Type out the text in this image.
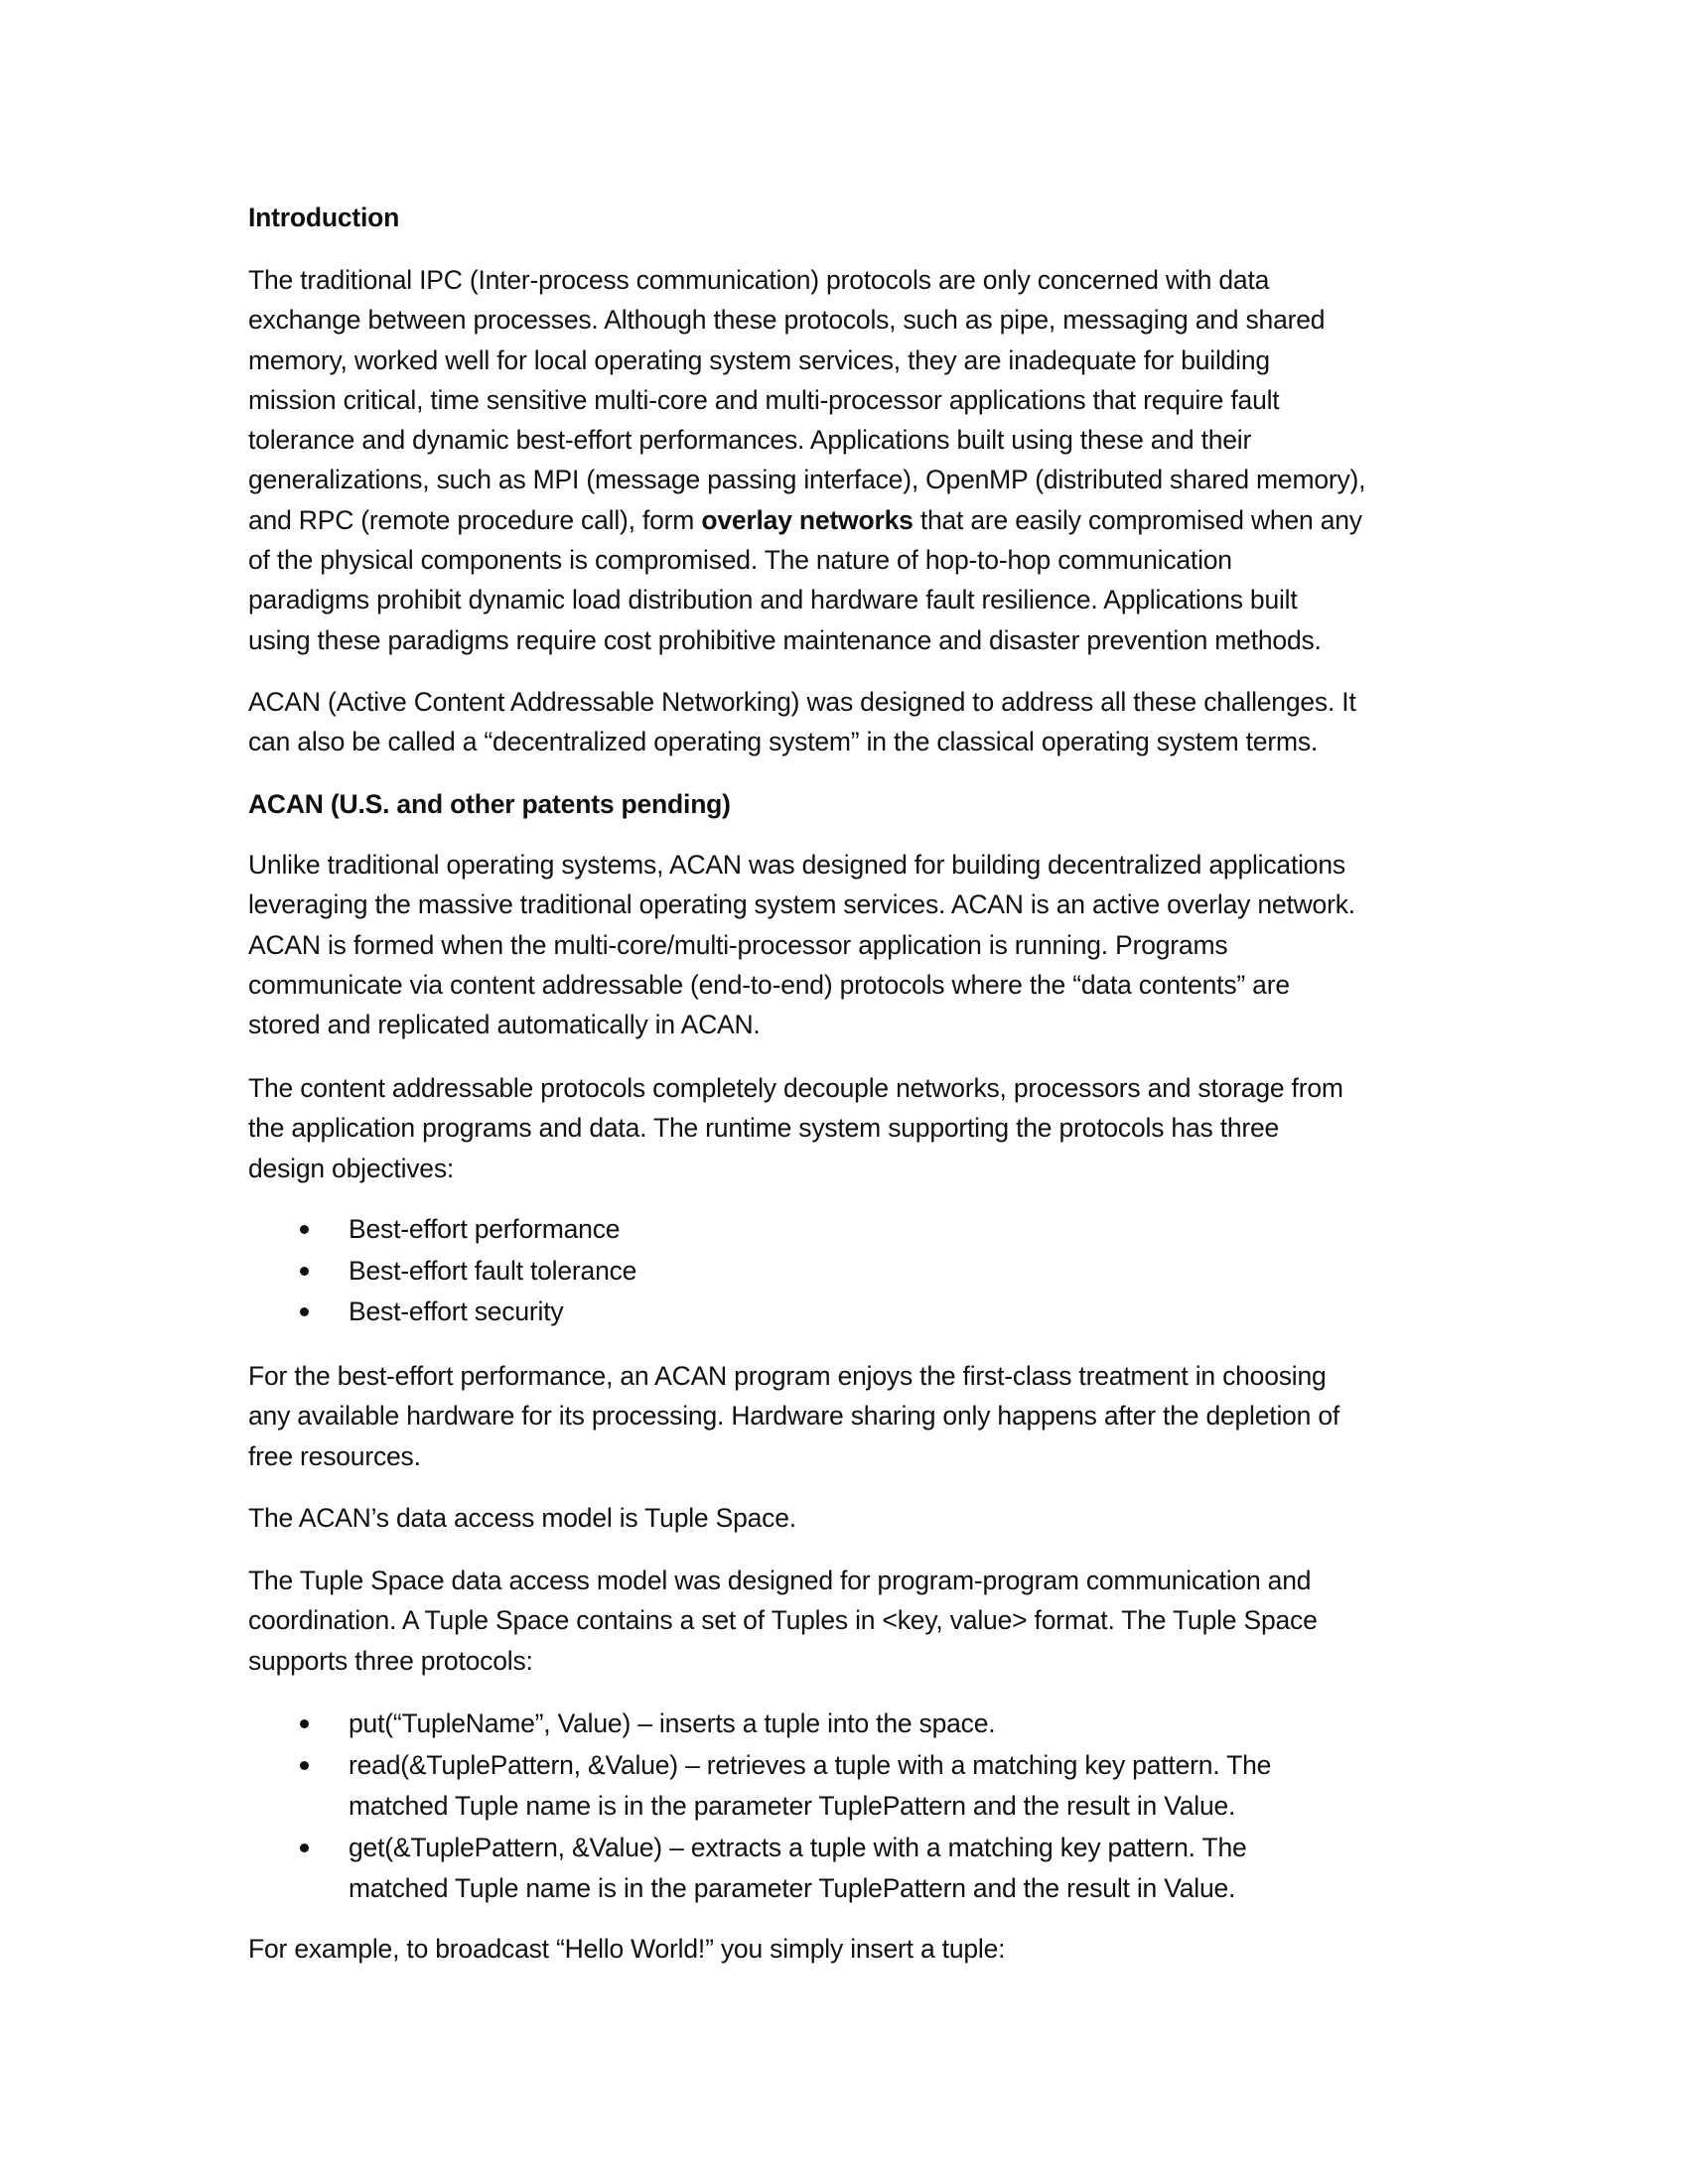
Introduction
The traditional IPC (Inter-process communication) protocols are only concerned with data
exchange between processes. Although these protocols, such as pipe, messaging and shared
memory, worked well for local operating system services, they are inadequate for building
mission critical, time sensitive multi-core and multi-processor applications that require fault
tolerance and dynamic best-effort performances. Applications built using these and their
generalizations, such as MPI (message passing interface), OpenMP (distributed shared memory),
and RPC (remote procedure call), form overlay networks that are easily compromised when any
of the physical components is compromised. The nature of hop-to-hop communication
paradigms prohibit dynamic load distribution and hardware fault resilience. Applications built
using these paradigms require cost prohibitive maintenance and disaster prevention methods.
ACAN (Active Content Addressable Networking) was designed to address all these challenges. It
can also be called a “decentralized operating system” in the classical operating system terms.
ACAN (U.S. and other patents pending)
Unlike traditional operating systems, ACAN was designed for building decentralized applications
leveraging the massive traditional operating system services. ACAN is an active overlay network.
ACAN is formed when the multi-core/multi-processor application is running. Programs
communicate via content addressable (end-to-end) protocols where the “data contents” are
stored and replicated automatically in ACAN.
The content addressable protocols completely decouple networks, processors and storage from
the application programs and data. The runtime system supporting the protocols has three
design objectives:
Best-effort performance
Best-effort fault tolerance
Best-effort security
For the best-effort performance, an ACAN program enjoys the first-class treatment in choosing
any available hardware for its processing. Hardware sharing only happens after the depletion of
free resources.
The ACAN’s data access model is Tuple Space.
The Tuple Space data access model was designed for program-program communication and
coordination. A Tuple Space contains a set of Tuples in <key, value> format. The Tuple Space
supports three protocols:
put(“TupleName”, Value) – inserts a tuple into the space.
read(&TuplePattern, &Value) – retrieves a tuple with a matching key pattern. The
matched Tuple name is in the parameter TuplePattern and the result in Value.
get(&TuplePattern, &Value) – extracts a tuple with a matching key pattern. The
matched Tuple name is in the parameter TuplePattern and the result in Value.
For example, to broadcast “Hello World!” you simply insert a tuple:
